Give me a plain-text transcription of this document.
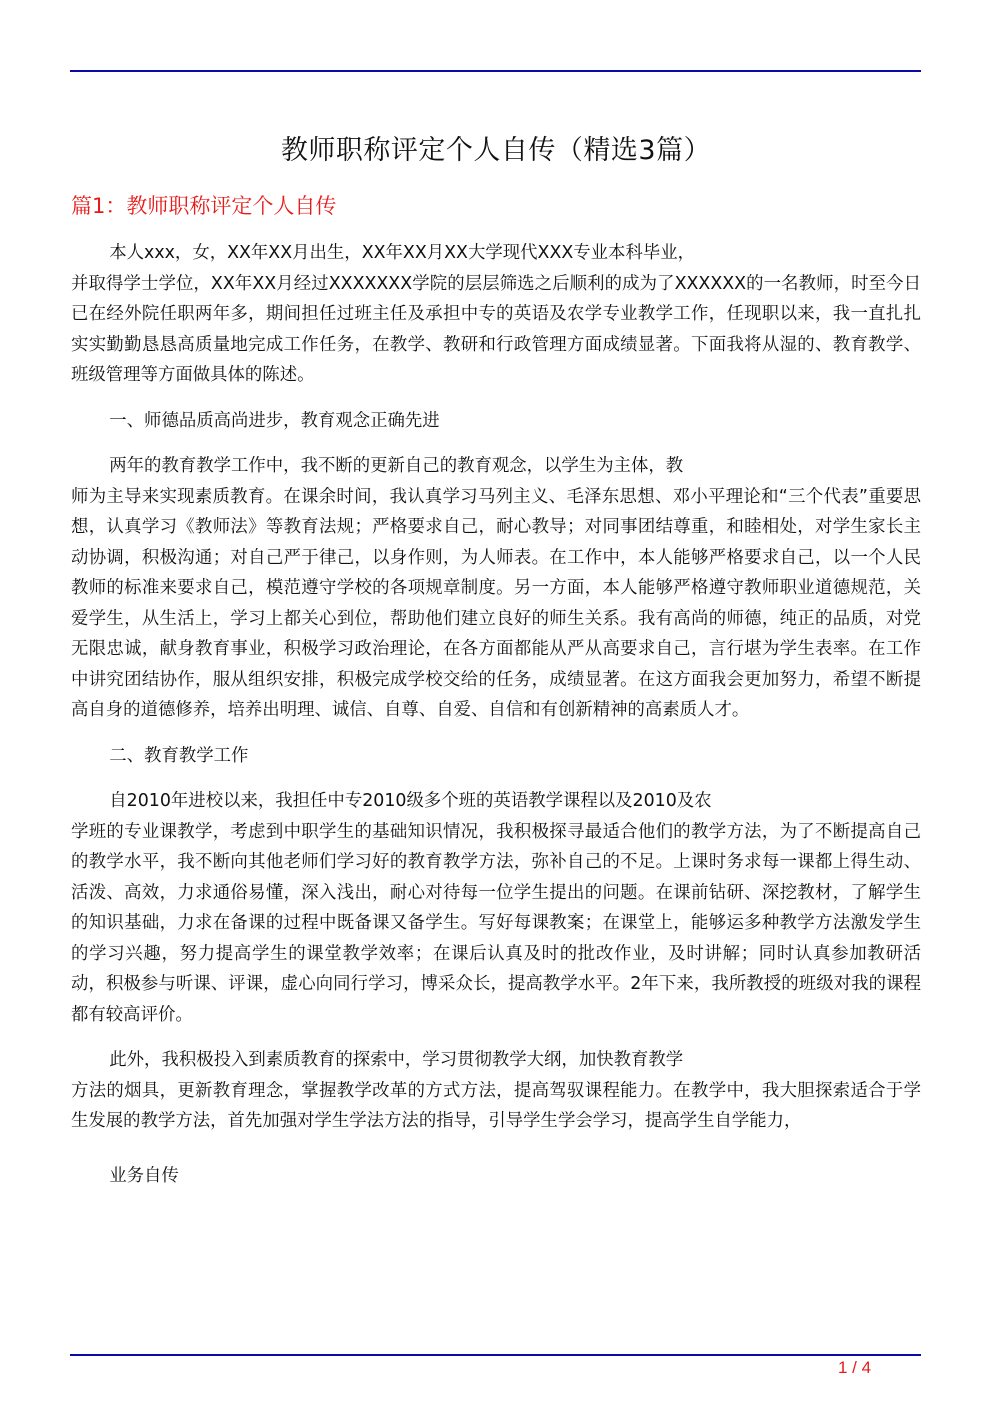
教师职称评定个人自传（精选3篇）
篇1：教师职称评定个人自传

本人xxx，女，XX年XX月出生，XX年XX月XX大学现代XXX专业本科毕业，
并取得学士学位，XX年XX月经过XXXXXXX学院的层层筛选之后顺利的成为了XXXXXX的一名教师，时至今日已在经外院任职两年多，期间担任过班主任及承担中专的英语及农学专业教学工作，任现职以来，我一直扎扎实实勤勤恳恳高质量地完成工作任务，在教学、教研和行政管理方面成绩显著。下面我将从湿的、教育教学、班级管理等方面做具体的陈述。

一、师德品质高尚进步，教育观念正确先进

两年的教育教学工作中，我不断的更新自己的教育观念，以学生为主体，教
师为主导来实现素质教育。在课余时间，我认真学习马列主义、毛泽东思想、邓小平理论和“三个代表”重要思想，认真学习《教师法》等教育法规；严格要求自己，耐心教导；对同事团结尊重，和睦相处，对学生家长主动协调，积极沟通；对自己严于律己，以身作则，为人师表。在工作中，本人能够严格要求自己，以一个人民教师的标准来要求自己，模范遵守学校的各项规章制度。另一方面，本人能够严格遵守教师职业道德规范，关爱学生，从生活上，学习上都关心到位，帮助他们建立良好的师生关系。我有高尚的师德，纯正的品质，对党无限忠诚，献身教育事业，积极学习政治理论，在各方面都能从严从高要求自己，言行堪为学生表率。在工作中讲究团结协作，服从组织安排，积极完成学校交给的任务，成绩显著。在这方面我会更加努力，希望不断提高自身的道德修养，培养出明理、诚信、自尊、自爱、自信和有创新精神的高素质人才。

二、教育教学工作

自2010年进校以来，我担任中专2010级多个班的英语教学课程以及2010及农
学班的专业课教学，考虑到中职学生的基础知识情况，我积极探寻最适合他们的教学方法，为了不断提高自己的教学水平，我不断向其他老师们学习好的教育教学方法，弥补自己的不足。上课时务求每一课都上得生动、活泼、高效，力求通俗易懂，深入浅出，耐心对待每一位学生提出的问题。在课前钻研、深挖教材，了解学生的知识基础，力求在备课的过程中既备课又备学生。写好每课教案；在课堂上，能够运多种教学方法激发学生的学习兴趣，努力提高学生的课堂教学效率；在课后认真及时的批改作业，及时讲解；同时认真参加教研活动，积极参与听课、评课，虚心向同行学习，博采众长，提高教学水平。2年下来，我所教授的班级对我的课程都有较高评价。

此外，我积极投入到素质教育的探索中，学习贯彻教学大纲，加快教育教学
方法的烟具，更新教育理念，掌握教学改革的方式方法，提高驾驭课程能力。在教学中，我大胆探索适合于学生发展的教学方法，首先加强对学生学法方法的指导，引导学生学会学习，提高学生自学能力，

业务自传

1 / 4
